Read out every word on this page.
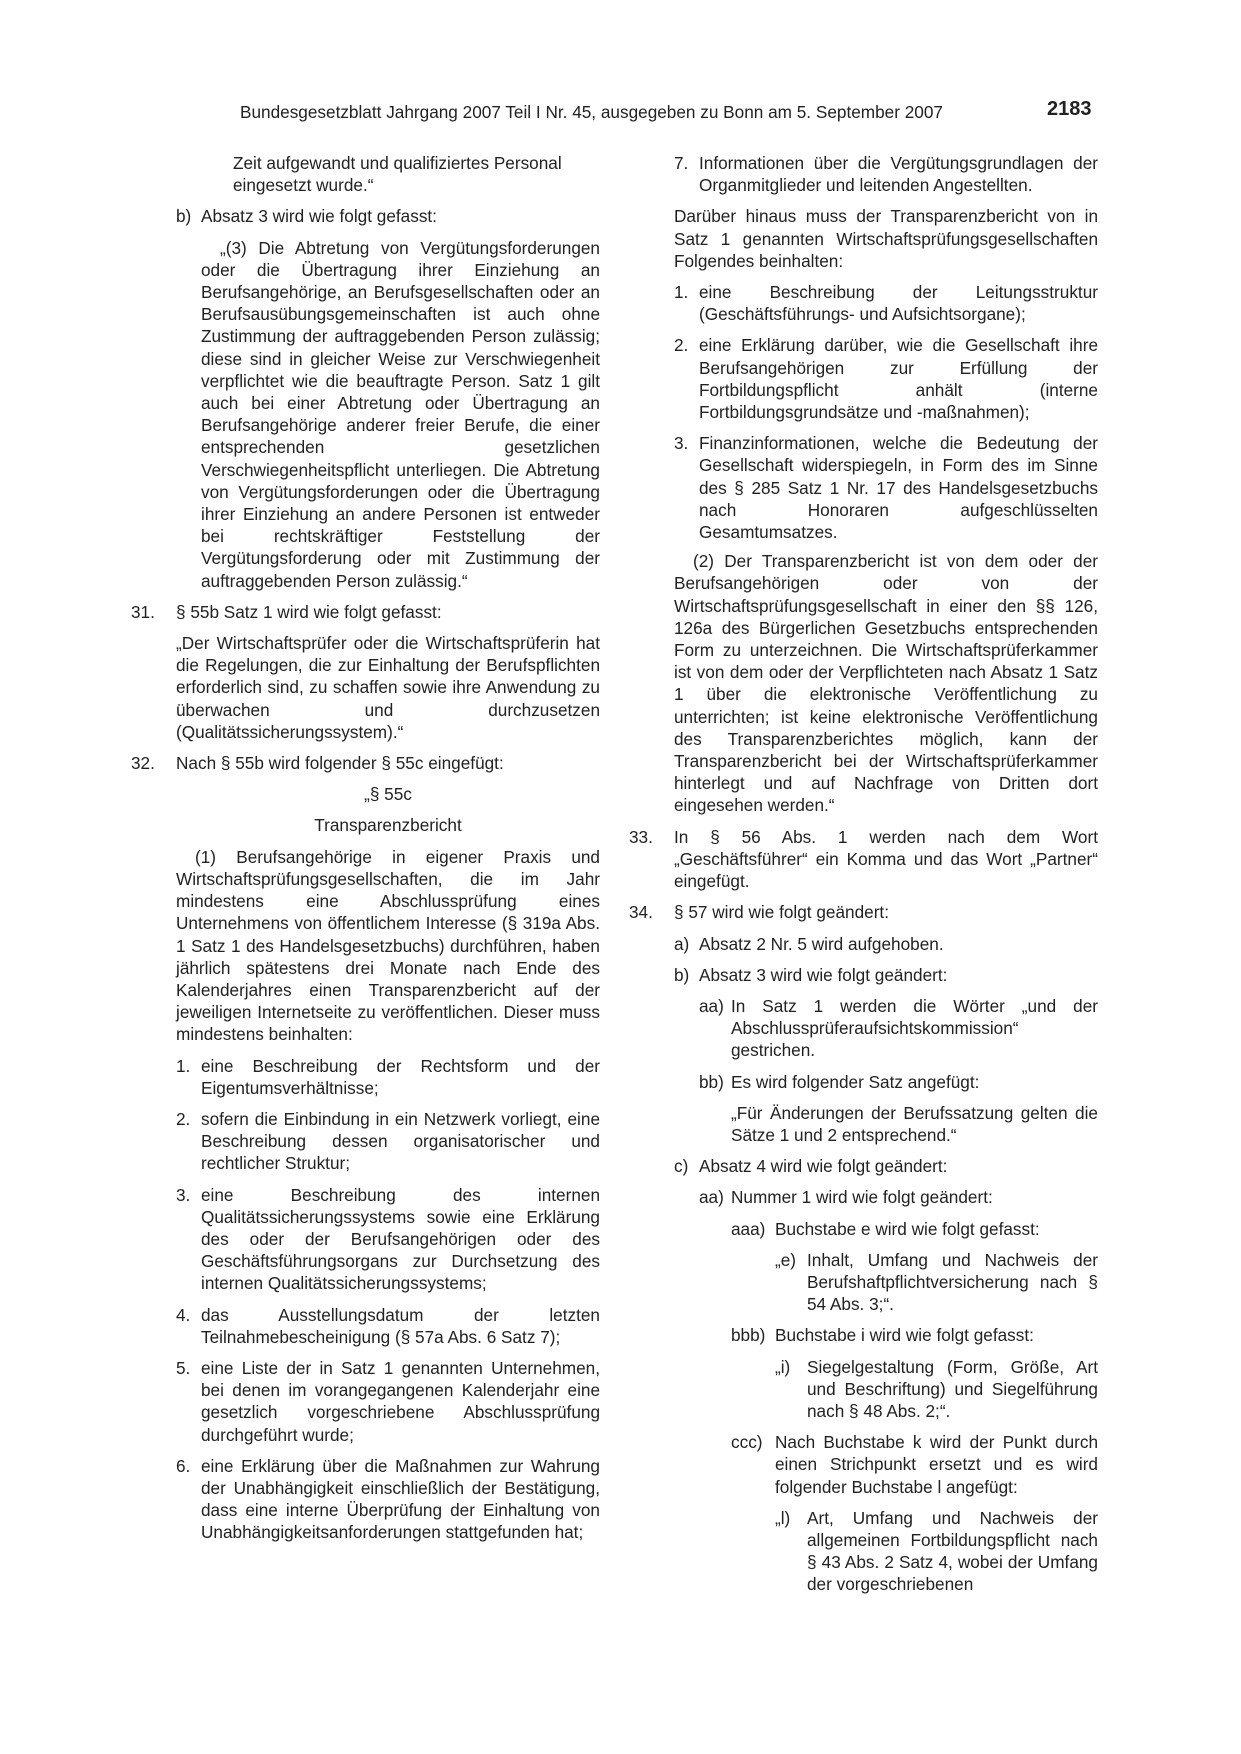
Bundesgesetzblatt Jahrgang 2007 Teil I Nr. 45, ausgegeben zu Bonn am 5. September 2007	2183

Zeit aufgewandt und qualifiziertes Personal

eingesetzt wurde.“

b) Absatz 3 wird wie folgt gefasst:

„(3) Die Abtretung von Vergütungsforderungen oder die Übertragung ihrer Einziehung an Berufsangehörige, an Berufsgesellschaften oder an Berufsausübungsgemeinschaften ist auch ohne Zustimmung der auftraggebenden Person zulässig; diese sind in gleicher Weise zur Verschwiegenheit verpflichtet wie die beauftragte Person. Satz 1 gilt auch bei einer Abtretung oder Übertragung an Berufsangehörige anderer freier Berufe, die einer entsprechenden gesetzlichen Verschwiegenheitspflicht unterliegen. Die Abtretung von Vergütungsforderungen oder die Übertragung ihrer Einziehung an andere Personen ist entweder bei rechtskräftiger Feststellung der Vergütungsforderung oder mit Zustimmung der auftraggebenden Person zulässig.“

31.	§ 55b Satz 1 wird wie folgt gefasst:

„Der Wirtschaftsprüfer oder die Wirtschaftsprüferin hat die Regelungen, die zur Einhaltung der Berufspflichten erforderlich sind, zu schaffen sowie ihre Anwendung zu überwachen und durchzusetzen (Qualitätssicherungssystem).“

32.	Nach § 55b wird folgender § 55c eingefügt:

„§ 55c

Transparenzbericht

(1) Berufsangehörige in eigener Praxis und Wirtschaftsprüfungsgesellschaften, die im Jahr mindestens eine Abschlussprüfung eines Unternehmens von öffentlichem Interesse (§ 319a Abs. 1 Satz 1 des Handelsgesetzbuchs) durchführen, haben jährlich spätestens drei Monate nach Ende des Kalenderjahres einen Transparenzbericht auf der jeweiligen Internetseite zu veröffentlichen. Dieser muss mindestens beinhalten:

1. eine Beschreibung der Rechtsform und der Eigentumsverhältnisse;
2. sofern die Einbindung in ein Netzwerk vorliegt, eine Beschreibung dessen organisatorischer und rechtlicher Struktur;
3. eine Beschreibung des internen Qualitätssicherungssystems sowie eine Erklärung des oder der Berufsangehörigen oder des Geschäftsführungsorgans zur Durchsetzung des internen Qualitätssicherungssystems;
4. das Ausstellungsdatum der letzten Teilnahmebescheinigung (§ 57a Abs. 6 Satz 7);
5. eine Liste der in Satz 1 genannten Unternehmen, bei denen im vorangegangenen Kalenderjahr eine gesetzlich vorgeschriebene Abschlussprüfung durchgeführt wurde;
6. eine Erklärung über die Maßnahmen zur Wahrung der Unabhängigkeit einschließlich der Bestätigung, dass eine interne Überprüfung der Einhaltung von Unabhängigkeitsanforderungen stattgefunden hat;
7. Informationen über die Vergütungsgrundlagen der Organmitglieder und leitenden Angestellten.

Darüber hinaus muss der Transparenzbericht von in Satz 1 genannten Wirtschaftsprüfungsgesellschaften Folgendes beinhalten:

1. eine Beschreibung der Leitungsstruktur (Geschäftsführungs- und Aufsichtsorgane);
2. eine Erklärung darüber, wie die Gesellschaft ihre Berufsangehörigen zur Erfüllung der Fortbildungspflicht anhält (interne Fortbildungsgrundsätze und -maßnahmen);
3. Finanzinformationen, welche die Bedeutung der Gesellschaft widerspiegeln, in Form des im Sinne des § 285 Satz 1 Nr. 17 des Handelsgesetzbuchs nach Honoraren aufgeschlüsselten Gesamtumsatzes.

(2) Der Transparenzbericht ist von dem oder der Berufsangehörigen oder von der Wirtschaftsprüfungsgesellschaft in einer den §§ 126, 126a des Bürgerlichen Gesetzbuchs entsprechenden Form zu unterzeichnen. Die Wirtschaftsprüferkammer ist von dem oder der Verpflichteten nach Absatz 1 Satz 1 über die elektronische Veröffentlichung zu unterrichten; ist keine elektronische Veröffentlichung des Transparenzberichtes möglich, kann der Transparenzbericht bei der Wirtschaftsprüferkammer hinterlegt und auf Nachfrage von Dritten dort eingesehen werden.“

33.	In § 56 Abs. 1 werden nach dem Wort „Geschäftsführer“ ein Komma und das Wort „Partner“ eingefügt.
34.	§ 57 wird wie folgt geändert:
a) Absatz 2 Nr. 5 wird aufgehoben.
b) Absatz 3 wird wie folgt geändert:
aa) In Satz 1 werden die Wörter „und der Abschlussprüferaufsichtskommission“ gestrichen.
bb) Es wird folgender Satz angefügt:

„Für Änderungen der Berufssatzung gelten die Sätze 1 und 2 entsprechend.“

c) Absatz 4 wird wie folgt geändert:
aa) Nummer 1 wird wie folgt geändert:
aaa) Buchstabe e wird wie folgt gefasst:
„e) Inhalt, Umfang und Nachweis der Berufshaftpflichtversicherung nach § 54 Abs. 3;“.
bbb) Buchstabe i wird wie folgt gefasst:
„i) Siegelgestaltung (Form, Größe, Art und Beschriftung) und Siegelführung nach § 48 Abs. 2;“.
ccc) Nach Buchstabe k wird der Punkt durch einen Strichpunkt ersetzt und es wird folgender Buchstabe l angefügt:
„l) Art, Umfang und Nachweis der allgemeinen Fortbildungspflicht nach § 43 Abs. 2 Satz 4, wobei der Umfang der vorgeschriebenen
